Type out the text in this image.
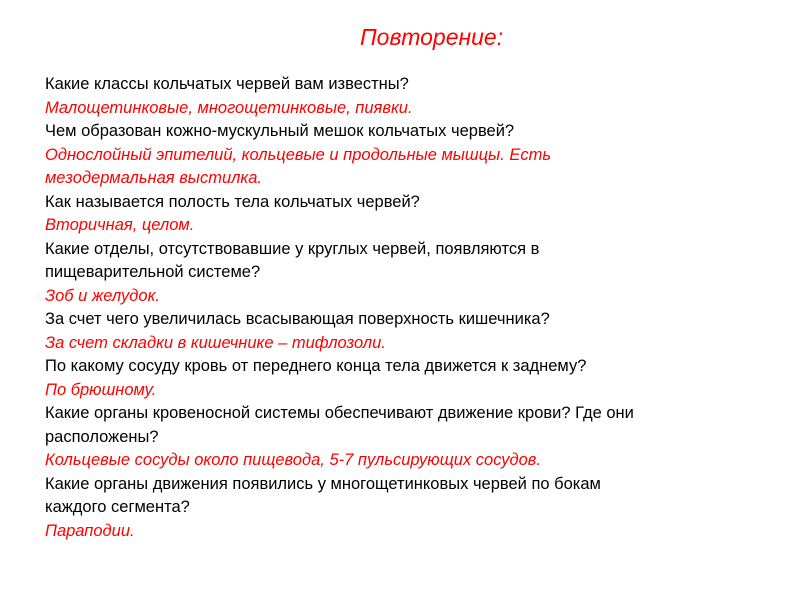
Повторение:
Какие классы кольчатых червей вам известны?
Малощетинковые, многощетинковые, пиявки.
Чем образован кожно-мускульный мешок кольчатых червей?
Однослойный эпителий, кольцевые и продольные мышцы. Есть
мезодермальная выстилка.
Как называется полость тела кольчатых червей?
Вторичная, целом.
Какие отделы, отсутствовавшие у круглых червей, появляются в
пищеварительной системе?
Зоб и желудок.
За счет чего увеличилась всасывающая поверхность кишечника?
За счет складки в кишечнике – тифлозоли.
По какому сосуду кровь от переднего конца тела движется к заднему?
По брюшному.
Какие органы кровеносной системы обеспечивают движение крови? Где они
расположены?
Кольцевые сосуды около пищевода, 5-7 пульсирующих сосудов.
Какие органы движения появились у многощетинковых червей по бокам
каждого сегмента?
Параподии.
